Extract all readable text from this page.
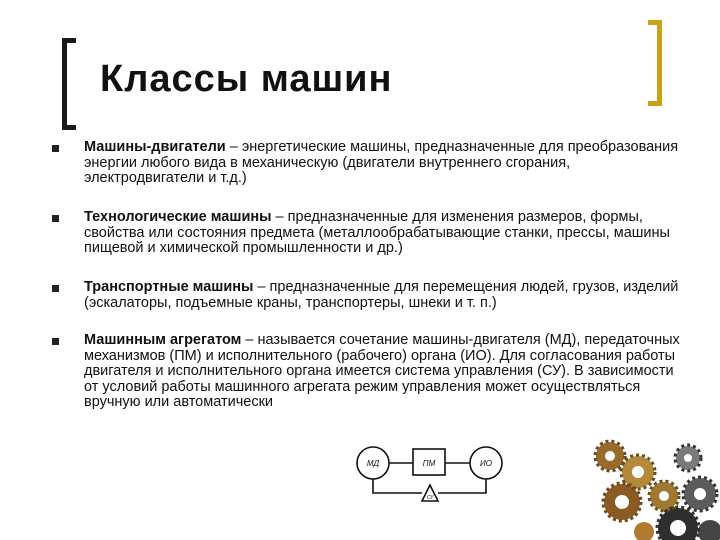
Классы машин
Машины-двигатели – энергетические машины, предназначенные для преобразования энергии любого вида в механическую (двигатели внутреннего сгорания, электродвигатели и т.д.)
Технологические машины – предназначенные для изменения размеров, формы, свойства или состояния предмета (металлообрабатывающие станки, прессы, машины пищевой и химической промышленности и др.)
Транспортные машины – предназначенные для перемещения людей, грузов, изделий (эскалаторы, подъемные краны, транспортеры, шнеки и т. п.)
Машинным агрегатом – называется сочетание машины-двигателя (МД), передаточных механизмов (ПМ) и исполнительного (рабочего) органа (ИО). Для согласования работы двигателя и исполнительного органа имеется система управления (СУ). В зависимости от условий работы машинного агрегата режим управления может осуществляться вручную или автоматически
МД	ПМ	ИО
СУ
